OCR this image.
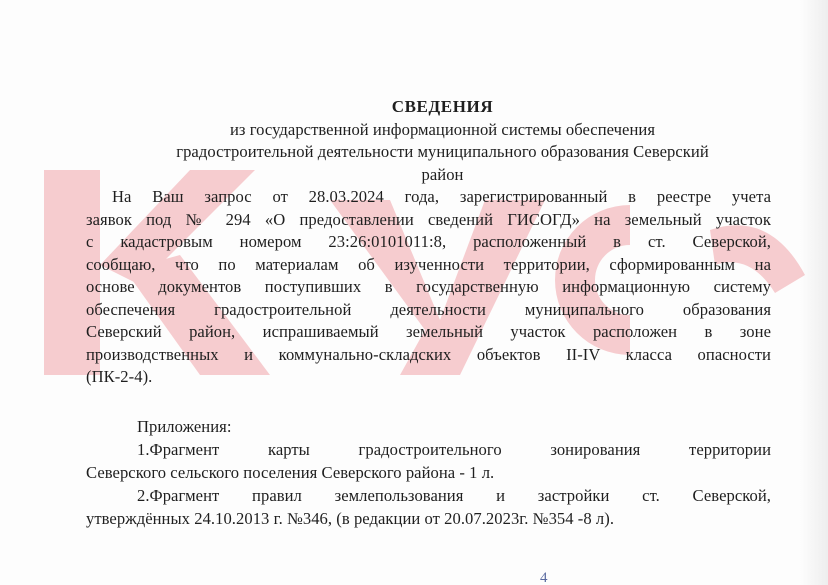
СВЕДЕНИЯ

из государственной информационной системы обеспечения

градостроительной деятельности муниципального образования Северский

район

На Ваш запрос от 28.03.2024 года, зарегистрированный в реестре учета
заявок под № 294 «О предоставлении сведений ГИСОГД» на земельный участок
с кадастровым номером 23:26:0101011:8, расположенный в ст. Северской,
сообщаю, что по материалам об изученности территории, сформированным на
основе документов поступивших в государственную информационную систему
обеспечения градостроительной деятельности муниципального образования
Северский район, испрашиваемый земельный участок расположен в зоне
производственных и коммунально-складских объектов II-IV класса опасности
(ПК-2-4).

Приложения:

1.Фрагмент карты градостроительного зонирования территории
Северского сельского поселения Северского района - 1 л.
2.Фрагмент правил землепользования и застройки ст. Северской,
утверждённых 24.10.2013 г. №346, (в редакции от 20.07.2023г. №354 -8 л).
4
